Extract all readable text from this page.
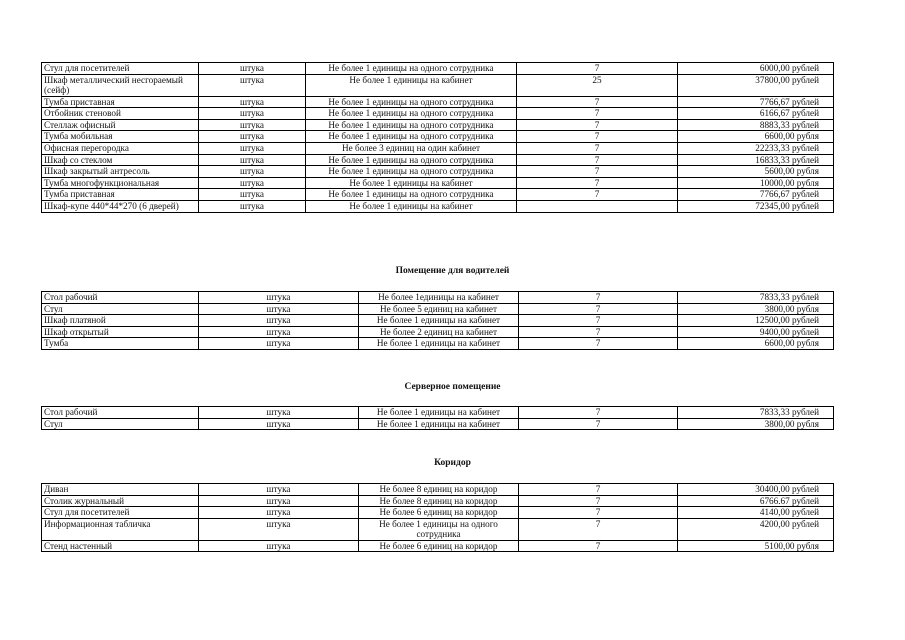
Стул для посетителей	штука	Не более 1 единицы на одного сотрудника	7	6000,00 рублей
Шкаф металлический несгораемый (сейф)	штука	Не более 1 единицы на кабинет	25	37800,00 рублей
Тумба приставная	штука	Не более 1 единицы на одного сотрудника	7	7766,67 рублей
Отбойник стеновой	штука	Не более 1 единицы на одного сотрудника	7	6166,67 рублей
Стеллаж офисный	штука	Не более 1 единицы на одного сотрудника	7	8883,33 рублей
Тумба мобильная	штука	Не более 1 единицы на одного сотрудника	7	6600,00 рубля
Офисная перегородка	штука	Не более 3 единиц на один кабинет	7	22233,33 рублей
Шкаф со стеклом	штука	Не более 1 единицы на одного сотрудника	7	16833,33 рублей
Шкаф закрытый антресоль	штука	Не более 1 единицы на одного сотрудника	7	5600,00 рубля
Тумба многофункциональная	штука	Не более 1 единицы на кабинет	7	10000,00 рубля
Тумба приставная	штука	Не более 1 единицы на одного сотрудника	7	7766,67 рублей
Шкаф-купе 440*44*270 (6 дверей)	штука	Не более 1 единицы на кабинет		72345,00 рублей
Помещение для водителей
Стол рабочий	штука	Не более 1единицы на кабинет	7	7833,33 рублей
Стул	штука	Не более 5 единиц на кабинет	7	3800,00 рубля
Шкаф платяной	штука	Не более 1 единицы на кабинет	7	12500,00 рублей
Шкаф открытый	штука	Не более 2 единиц на кабинет	7	9400,00 рублей
Тумба	штука	Не более 1 единицы на кабинет	7	6600,00 рубля
Серверное помещение
Стол рабочий	штука	Не более 1 единицы на кабинет	7	7833,33 рублей
Стул	штука	Не более 1 единицы на кабинет	7	3800,00 рубля
Коридор
Диван	штука	Не более 8 единиц на коридор	7	30400,00 рублей
Столик журнальный	штука	Не более 8 единиц на коридор	7	6766.67 рублей
Стул для посетителей	штука	Не более 6 единиц на коридор	7	4140,00 рублей
Информационная табличка	штука	Не более 1 единицы на одного сотрудника	7	4200,00 рублей
Стенд настенный	штука	Не более 6 единиц на коридор	7	5100,00 рубля
